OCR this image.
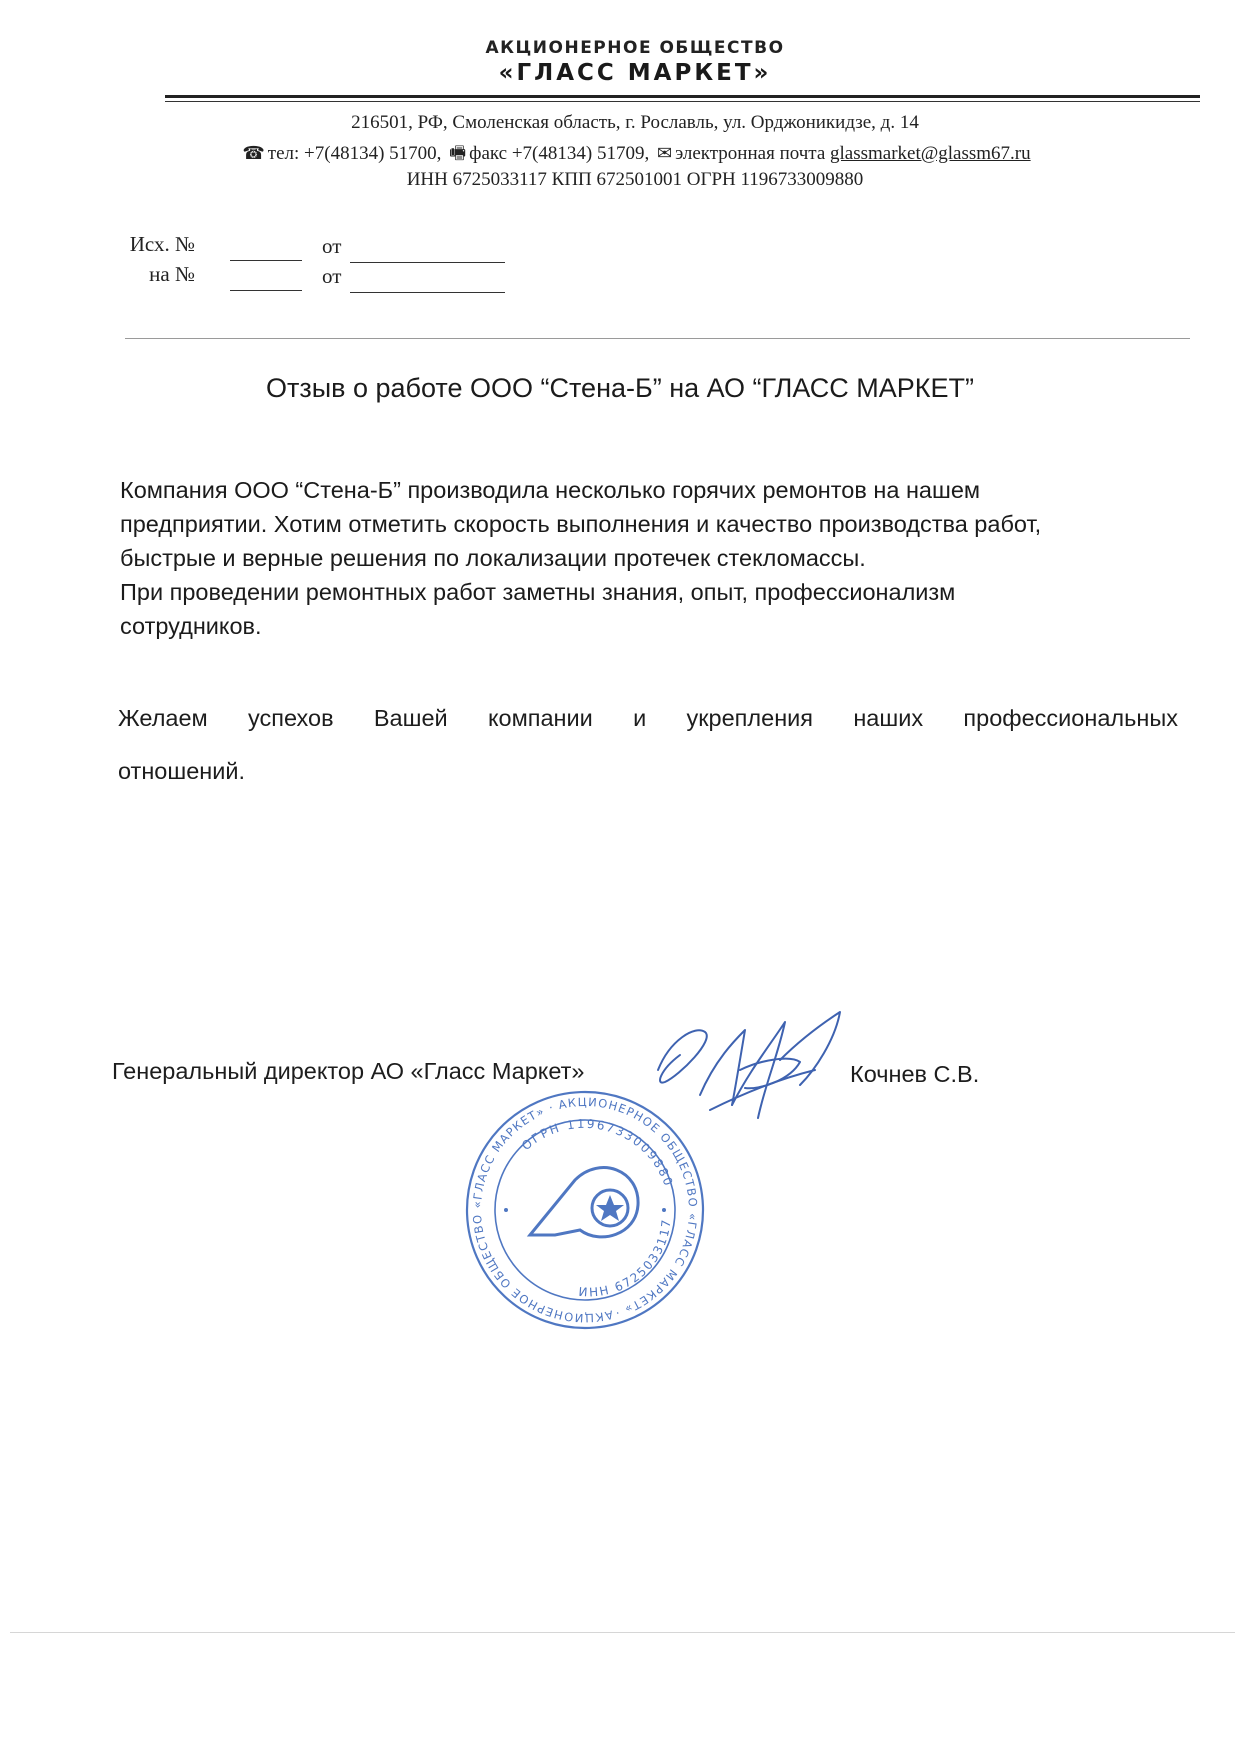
АКЦИОНЕРНОЕ ОБЩЕСТВО
«ГЛАСС МАРКЕТ»
216501, РФ, Смоленская область, г. Рославль, ул. Орджоникидзе, д. 14
☎ тел: +7(48134) 51700, 🖷 факс +7(48134) 51709, ✉ электронная почта glassmarket@glassm67.ru
ИНН 6725033117 КПП 672501001 ОГРН 1196733009880
Исх. №	от
на №	от
Отзыв о работе ООО “Стена-Б” на АО “ГЛАСС МАРКЕТ”
Компания ООО “Стена-Б” производила несколько горячих ремонтов на нашем
предприятии. Хотим отметить скорость выполнения и качество производства работ,
быстрые и верные решения по локализации протечек стекломассы.
При проведении ремонтных работ заметны знания, опыт, профессионализм
сотрудников.
Желаем успехов Вашей компании и укрепления наших профессиональных
отношений.
Генеральный директор АО «Гласс Маркет»	Кочнев С.В.
АКЦИОНЕРНОЕ ОБЩЕСТВО «ГЛАСС МАРКЕТ» · АКЦИОНЕРНОЕ ОБЩЕСТВО «ГЛАСС МАРКЕТ» ·
ОГРН 1196733009880
ИНН 6725033117
